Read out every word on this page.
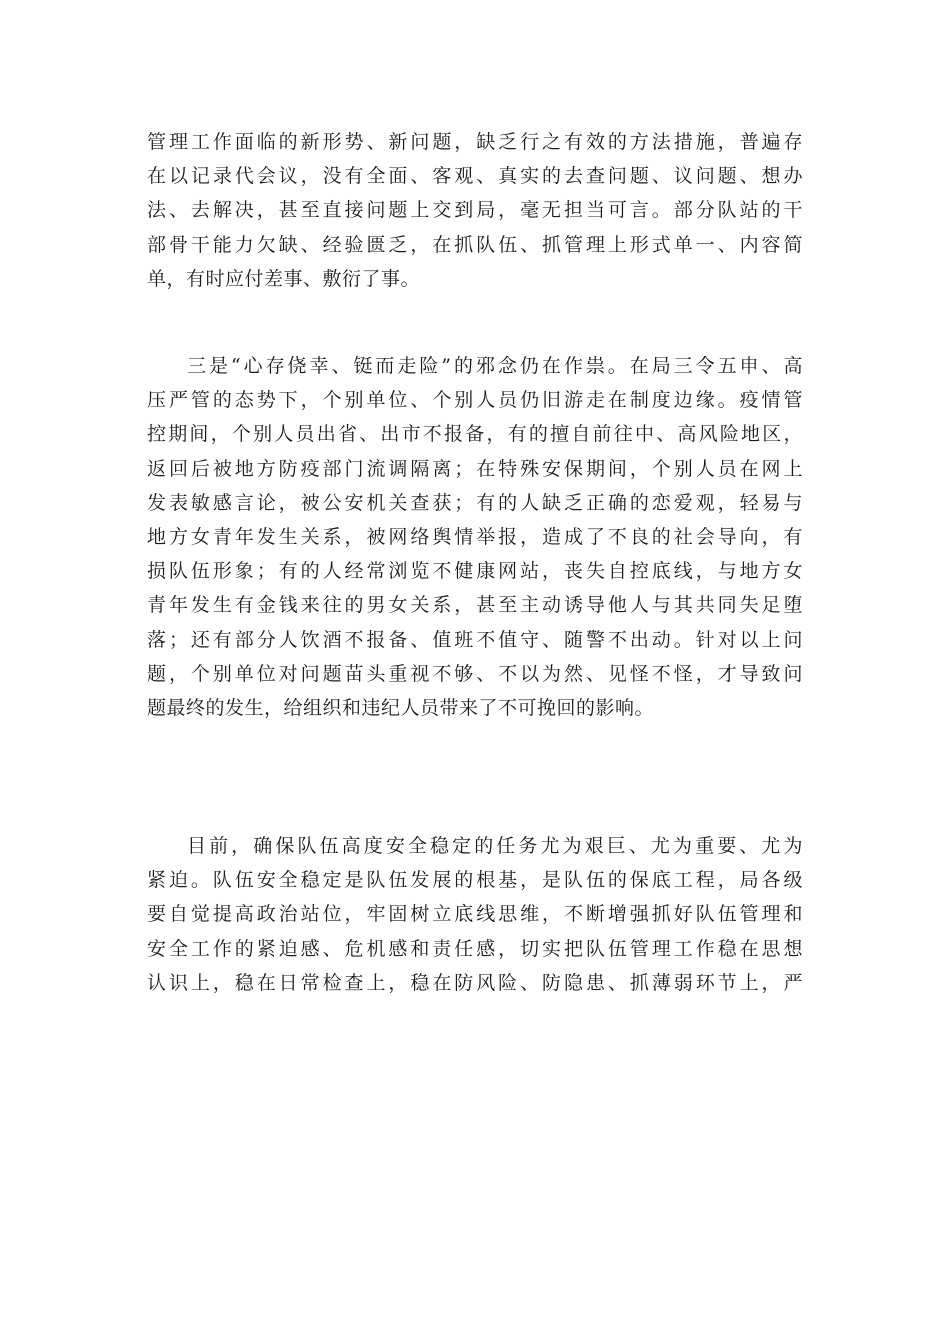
管理工作面临的新形势、新问题，缺乏行之有效的方法措施，普遍存
在以记录代会议，没有全面、客观、真实的去查问题、议问题、想办
法、去解决，甚至直接问题上交到局，毫无担当可言。部分队站的干
部骨干能力欠缺、经验匮乏，在抓队伍、抓管理上形式单一、内容简
单，有时应付差事、敷衍了事。
三是“心存侥幸、铤而走险”的邪念仍在作祟。在局三令五申、高
压严管的态势下，个别单位、个别人员仍旧游走在制度边缘。疫情管
控期间，个别人员出省、出市不报备，有的擅自前往中、高风险地区，
返回后被地方防疫部门流调隔离；在特殊安保期间，个别人员在网上
发表敏感言论，被公安机关查获；有的人缺乏正确的恋爱观，轻易与
地方女青年发生关系，被网络舆情举报，造成了不良的社会导向，有
损队伍形象；有的人经常浏览不健康网站，丧失自控底线，与地方女
青年发生有金钱来往的男女关系，甚至主动诱导他人与其共同失足堕
落；还有部分人饮酒不报备、值班不值守、随警不出动。针对以上问
题，个别单位对问题苗头重视不够、不以为然、见怪不怪，才导致问
题最终的发生，给组织和违纪人员带来了不可挽回的影响。
目前，确保队伍高度安全稳定的任务尤为艰巨、尤为重要、尤为
紧迫。队伍安全稳定是队伍发展的根基，是队伍的保底工程，局各级
要自觉提高政治站位，牢固树立底线思维，不断增强抓好队伍管理和
安全工作的紧迫感、危机感和责任感，切实把队伍管理工作稳在思想
认识上，稳在日常检查上，稳在防风险、防隐患、抓薄弱环节上，严
